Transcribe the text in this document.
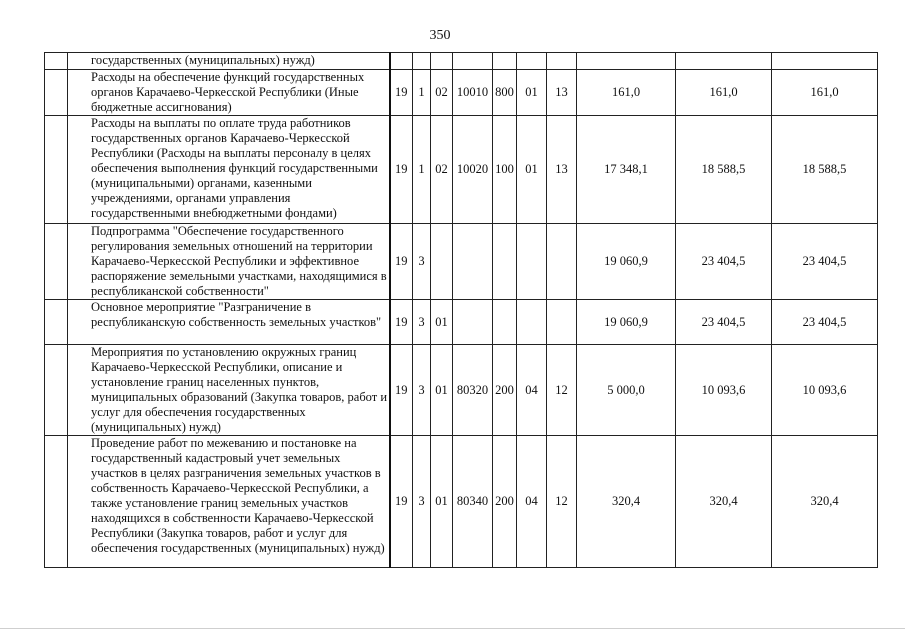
350
	государственных (муниципальных) нужд)										
	Расходы на обеспечение функций государственных органов Карачаево-Черкесской Республики (Иные бюджетные ассигнования)	19	1	02	10010	800	01	13	161,0	161,0	161,0
	Расходы на выплаты по оплате труда работников государственных органов Карачаево-Черкесской Республики (Расходы на выплаты персоналу в целях обеспечения выполнения функций государственными (муниципальными) органами, казенными учреждениями, органами управления государственными внебюджетными фондами)	19	1	02	10020	100	01	13	17 348,1	18 588,5	18 588,5
	Подпрограмма "Обеспечение государственного регулирования земельных отношений на территории Карачаево-Черкесской Республики и эффективное распоряжение земельными участками, находящимися в республиканской собственности"	19	3						19 060,9	23 404,5	23 404,5
	Основное мероприятие "Разграничение в республиканскую собственность земельных участков"	19	3	01					19 060,9	23 404,5	23 404,5
	Мероприятия по установлению окружных границ Карачаево-Черкесской Республики, описание и установление границ населенных пунктов, муниципальных образований (Закупка товаров, работ и услуг для обеспечения государственных (муниципальных) нужд)	19	3	01	80320	200	04	12	5 000,0	10 093,6	10 093,6
	Проведение работ по межеванию и постановке на государственный кадастровый учет земельных участков в целях разграничения земельных участков в собственность Карачаево-Черкесской Республики, а также установление границ земельных участков находящихся в собственности Карачаево-Черкесской Республики (Закупка товаров, работ и услуг для обеспечения государственных (муниципальных) нужд)	19	3	01	80340	200	04	12	320,4	320,4	320,4
